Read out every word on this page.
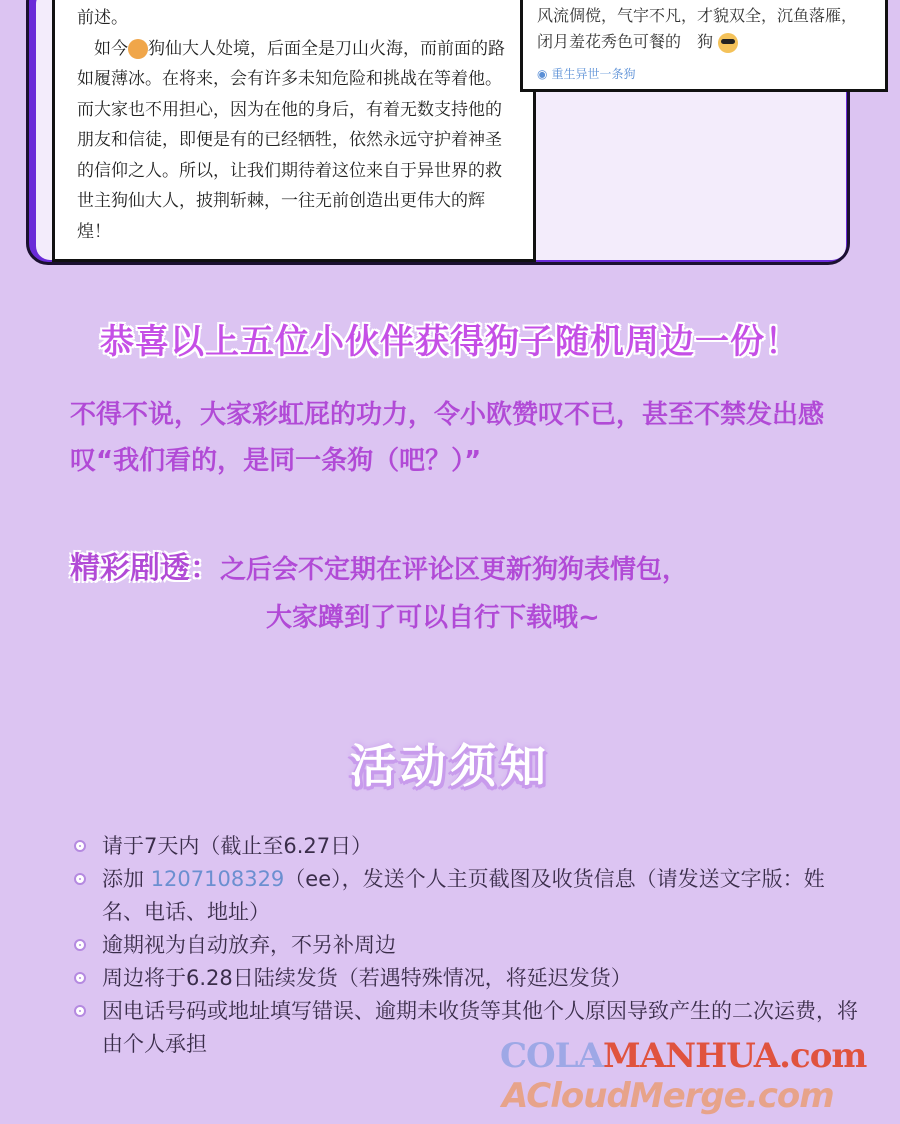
前述。

　如今 狗仙大人处境，后面全是刀山火海，而前面的路如履薄冰。在将来，会有许多未知危险和挑战在等着他。而大家也不用担心，因为在他的身后，有着无数支持他的朋友和信徒，即便是有的已经牺牲，依然永远守护着神圣的信仰之人。所以，让我们期待着这位来自于异世界的救世主狗仙大人，披荆斩棘，一往无前创造出更伟大的辉煌！

风流倜傥，气宇不凡，才貌双全，沉鱼落雁，
闭月羞花秀色可餐的　狗
◉ 重生异世一条狗
恭喜以上五位小伙伴获得狗子随机周边一份！
不得不说，大家彩虹屁的功力，令小欧赞叹不已，甚至不禁发出感叹“我们看的，是同一条狗（吧？）”
精彩剧透：之后会不定期在评论区更新狗狗表情包，
大家蹲到了可以自行下载哦~
活动须知
请于7天内（截止至6.27日）
添加 1207108329（ee），发送个人主页截图及收货信息（请发送文字版：姓名、电话、地址）
逾期视为自动放弃，不另补周边
周边将于6.28日陆续发货（若遇特殊情况，将延迟发货）
因电话号码或地址填写错误、逾期未收货等其他个人原因导致产生的二次运费，将由个人承担	COLAMANHUA.com
ACloudMerge.com
